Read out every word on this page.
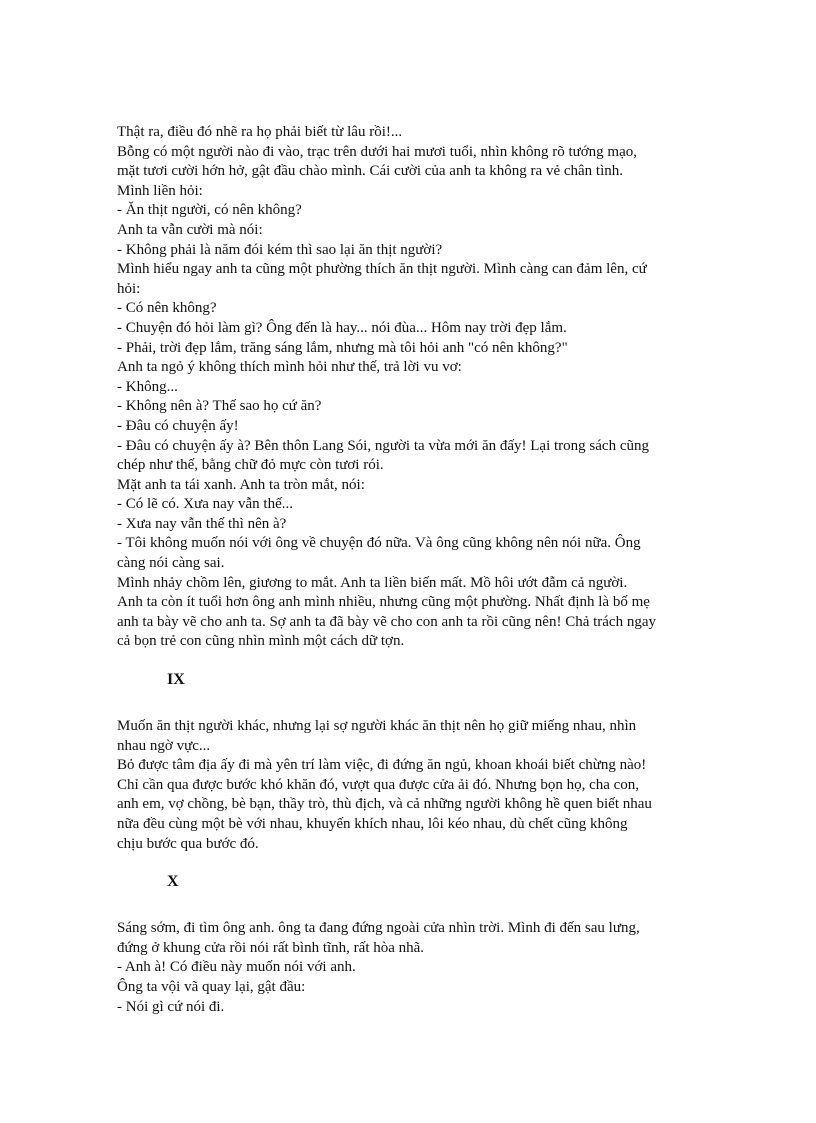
Thật ra, điều đó nhẽ ra họ phải biết từ lâu rồi!...
Bỗng có một người nào đi vào, trạc trên dưới hai mươi tuổi, nhìn không rõ tướng mạo,
mặt tươi cười hớn hở, gật đầu chào mình. Cái cười của anh ta không ra vẻ chân tình.
Mình liền hỏi:
- Ăn thịt người, có nên không?
Anh ta vẫn cười mà nói:
- Không phải là năm đói kém thì sao lại ăn thịt người?
Mình hiểu ngay anh ta cũng một phường thích ăn thịt người. Mình càng can đảm lên, cứ
hỏi:
- Có nên không?
- Chuyện đó hỏi làm gì? Ông đến là hay... nói đùa... Hôm nay trời đẹp lắm.
- Phải, trời đẹp lắm, trăng sáng lắm, nhưng mà tôi hỏi anh "có nên không?"
Anh ta ngỏ ý không thích mình hỏi như thế, trả lời vu vơ:
- Không...
- Không nên à? Thế sao họ cứ ăn?
- Đâu có chuyện ấy!
- Đâu có chuyện ấy à? Bên thôn Lang Sói, người ta vừa mới ăn đấy! Lại trong sách cũng
chép như thế, bằng chữ đỏ mực còn tươi rói.
Mặt anh ta tái xanh. Anh ta tròn mắt, nói:
- Có lẽ có. Xưa nay vẫn thế...
- Xưa nay vẫn thế thì nên à?
- Tôi không muốn nói với ông về chuyện đó nữa. Và ông cũng không nên nói nữa. Ông
càng nói càng sai.
Mình nhảy chồm lên, giương to mắt. Anh ta liền biến mất. Mồ hôi ướt đẫm cả người.
Anh ta còn ít tuổi hơn ông anh mình nhiều, nhưng cũng một phường. Nhất định là bố mẹ
anh ta bày vẽ cho anh ta. Sợ anh ta đã bày vẽ cho con anh ta rồi cũng nên! Chả trách ngay
cả bọn trẻ con cũng nhìn mình một cách dữ tợn.
IX
Muốn ăn thịt người khác, nhưng lại sợ người khác ăn thịt nên họ giữ miếng nhau, nhìn
nhau ngờ vực...
Bỏ được tâm địa ấy đi mà yên trí làm việc, đi đứng ăn ngủ, khoan khoái biết chừng nào!
Chỉ cần qua được bước khó khăn đó, vượt qua được cửa ải đó. Nhưng bọn họ, cha con,
anh em, vợ chồng, bè bạn, thầy trò, thù địch, và cả những người không hề quen biết nhau
nữa đều cùng một bè với nhau, khuyến khích nhau, lôi kéo nhau, dù chết cũng không
chịu bước qua bước đó.
X
Sáng sớm, đi tìm ông anh. ông ta đang đứng ngoài cửa nhìn trời. Mình đi đến sau lưng,
đứng ở khung cửa rồi nói rất bình tĩnh, rất hòa nhã.
- Anh à! Có điều này muốn nói với anh.
Ông ta vội vã quay lại, gật đầu:
- Nói gì cứ nói đi.
